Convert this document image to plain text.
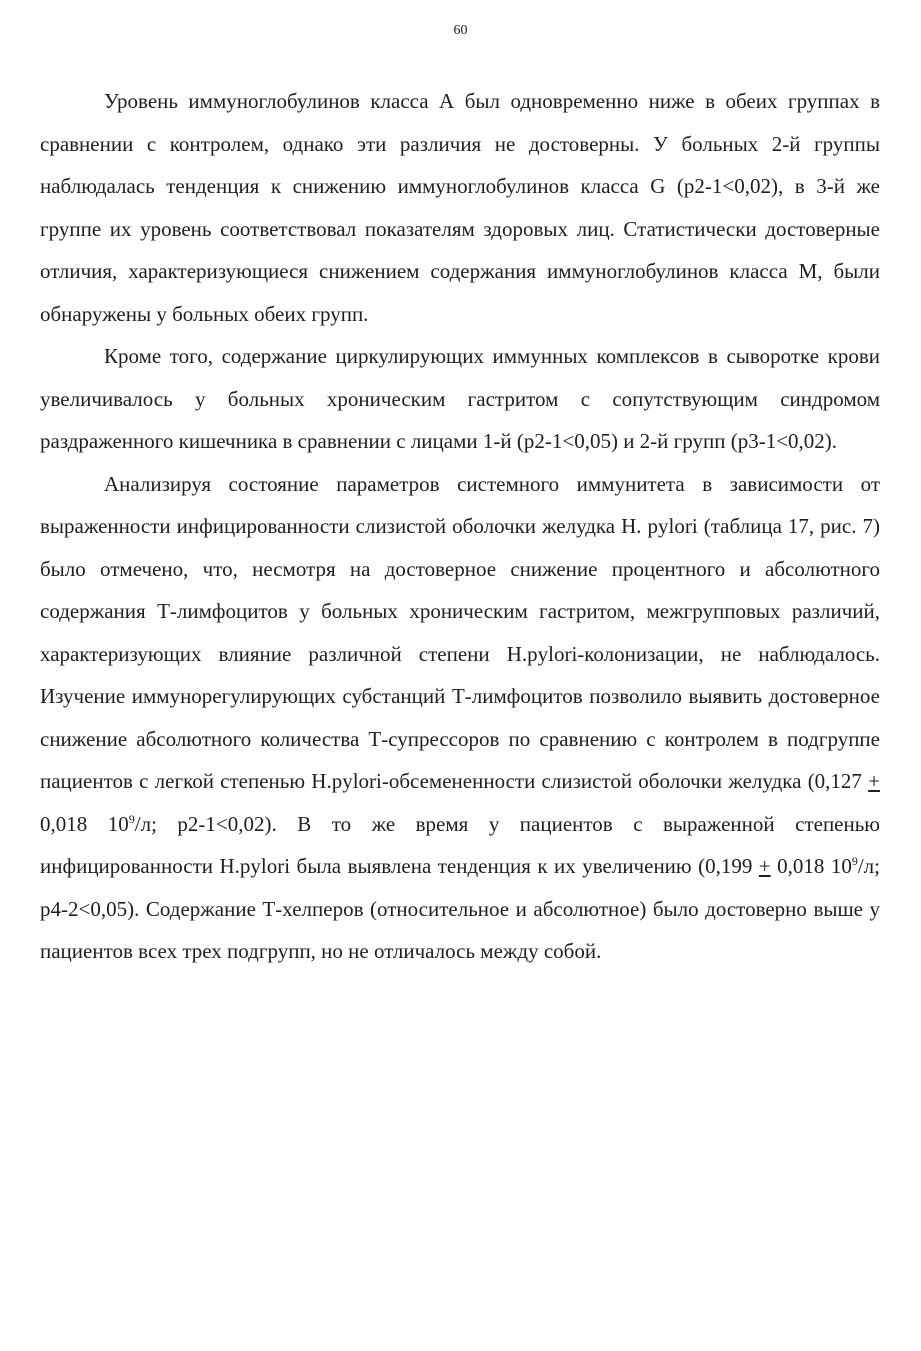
60

Уровень иммуноглобулинов класса А был одновременно ниже в обеих группах в сравнении с контролем, однако эти различия не достоверны. У больных 2-й группы наблюдалась тенденция к снижению иммуноглобулинов класса G (р2-1<0,02), в 3-й же группе их уровень соответствовал показателям здоровых лиц. Статистически достоверные отличия, характеризующиеся снижением содержания иммуноглобулинов класса М, были обнаружены у больных обеих групп.

Кроме того, содержание циркулирующих иммунных комплексов в сыворотке крови увеличивалось у больных хроническим гастритом с сопутствующим синдромом раздраженного кишечника в сравнении с лицами 1-й (р2-1<0,05) и 2-й групп (р3-1<0,02).

Анализируя состояние параметров системного иммунитета в зависимости от выраженности инфицированности слизистой оболочки желудка H. pylori (таблица 17, рис. 7) было отмечено, что, несмотря на достоверное снижение процентного и абсолютного содержания Т-лимфоцитов у больных хроническим гастритом, межгрупповых различий, характеризующих влияние различной степени H.pylori-колонизации, не наблюдалось. Изучение иммунорегулирующих субстанций Т-лимфоцитов позволило выявить достоверное снижение абсолютного количества Т-супрессоров по сравнению с контролем в подгруппе пациентов с легкой степенью H.pylori-обсемененности слизистой оболочки желудка (0,127 + 0,018 $10^9/л$; р2-1<0,02). В то же время у пациентов с выраженной степенью инфицированности H.pylori была выявлена тенденция к их увеличению (0,199 + 0,018 $10^9/л$; р4-2<0,05). Содержание Т-хелперов (относительное и абсолютное) было достоверно выше у пациентов всех трех подгрупп, но не отличалось между собой.
